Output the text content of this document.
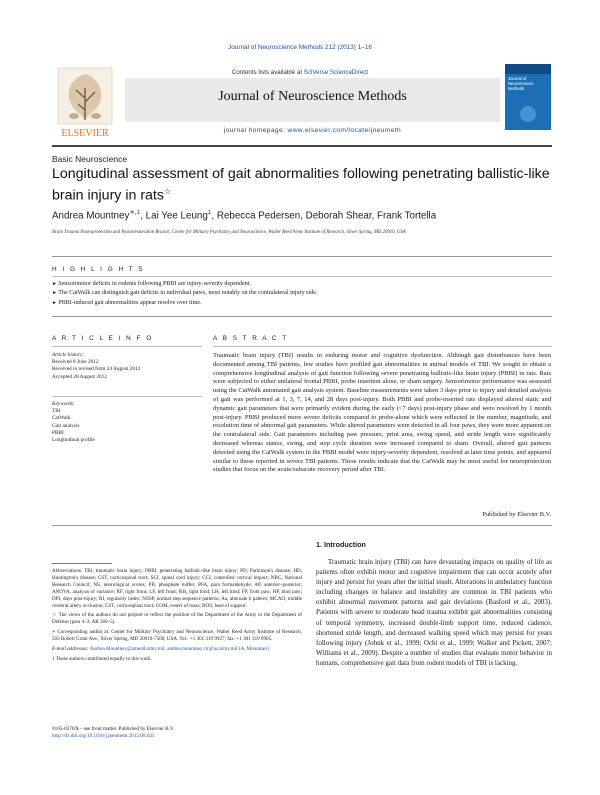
Journal of Neuroscience Methods 212 (2013) 1–16
ELSEVIER
Contents lists available at SciVerse ScienceDirect
Journal of Neuroscience Methods
journal homepage: www.elsevier.com/locate/jneumeth
Journal of Neuroscience Methods
Basic Neuroscience
Longitudinal assessment of gait abnormalities following penetrating ballistic-like brain injury in rats☆
Andrea Mountney$^{∗,1}$, Lai Yee Leung$^1$, Rebecca Pedersen, Deborah Shear, Frank Tortella
Brain Trauma Neuroprotection and Neurorestoration Branch, Center for Military Psychiatry and Neuroscience, Walter Reed Army Institute of Research, Silver Spring, MD 20910, USA
H I G H L I G H T S
► Sensorimotor deficits in rodents following PBBI are injury-severity dependent.
► The CatWalk can distinguish gait deficits in individual paws, most notably on the contralateral injury side.
► PBBI-induced gait abnormalities appear resolve over time.
A R T I C L E I N F O
Article history:
Received 8 June 2012
Received in revised form 24 August 2012
Accepted 28 August 2012
Keywords:
TBI
CatWalk
Gait analysis
PBBI
Longitudinal profile
A B S T R A C T
Traumatic brain injury (TBI) results in enduring motor and cognitive dysfunction. Although gait disturbances have been documented among TBI patients, few studies have profiled gait abnormalities in animal models of TBI. We sought to obtain a comprehensive longitudinal analysis of gait function following severe penetrating ballistic-like brain injury (PBBI) in rats. Rats were subjected to either unilateral frontal PBBI, probe insertion alone, or sham surgery. Sensorimotor performance was assessed using the CatWalk automated gait analysis system. Baseline measurements were taken 3 days prior to injury and detailed analysis of gait was performed at 1, 3, 7, 14, and 28 days post-injury. Both PBBI and probe-inserted rats displayed altered static and dynamic gait parameters that were primarily evident during the early (<7 days) post-injury phase and were resolved by 1 month post-injury. PBBI produced more severe deficits compared to probe-alone which were reflected in the number, magnitude, and resolution time of abnormal gait parameters. While altered parameters were detected in all four paws, they were more apparent on the contralateral side. Gait parameters including paw pressure, print area, swing speed, and stride length were significantly decreased whereas stance, swing, and step cycle duration were increased compared to sham. Overall, altered gait patterns detected using the CatWalk system in the PBBI model were injury-severity dependent, resolved at later time points, and appeared similar to those reported in severe TBI patients. These results indicate that the CatWalk may be most useful for neuroprotection studies that focus on the acute/subacute recovery period after TBI.
Published by Elsevier B.V.
1. Introduction
Traumatic brain injury (TBI) can have devastating impacts on quality of life as patients often exhibit motor and cognitive impairment that can occur acutely after injury and persist for years after the initial insult. Alterations in ambulatory function including changes in balance and instability are common in TBI patients who exhibit abnormal movement patterns and gait deviations (Basford et al., 2003). Patients with severe to moderate head trauma exhibit gait abnormalities consisting of temporal symmetry, increased double-limb support time, reduced cadence, shortened stride length, and decreased walking speed which may persist for years following injury (Johnk et al., 1999; Ochi et al., 1999; Walker and Pickett, 2007; Williams et al., 2009). Despite a number of studies that evaluate motor behavior in humans, comprehensive gait data from rodent models of TBI is lacking.

Abbreviations: TBI, traumatic brain injury; PBBI, penetrating ballistic-like brain injury; PD, Parkinson's disease; HD, Huntington's disease; CST, corticospinal tract; SCI, spinal cord injury; CCI, controlled cortical impact; NRC, National Research Council; NS, neurological scores; PB, phosphate buffer; PFA, para formaldehyde; AP, anterior–posterior; ANOVA, analysis of variance; RF, right front; LF, left front; RH, right hind; LH, left hind; FP, front paw; HP, hind paw; DPI, days post-injury; RI, regularity index; NSSP, normal step sequence patterns; Aa, alternate b pattern; MCAO, middle cerebral artery occlusion; CST, corticospinal tract; COM, center of mass; BOS, base of support.

☆ The views of the authors do not purport or reflect the position of the Department of the Army or the Department of Defense (para 4–3, AR 360–5).

∗ Corresponding author at: Center for Military Psychiatry and Neuroscience, Walter Reed Army Institute of Research, 503 Robert Grant Ave., Silver Spring, MD 20910-7500, USA. Tel.: +1 301 319 9927; fax: +1 301 319 9905.

E-mail addresses: Andrea.Mountney@amedd.army.mil, andrea.mountney.ctr@us.army.mil (A. Mountney).

1 These authors contributed equally to this work.

0165-0270/$ – see front matter. Published by Elsevier B.V.
http://dx.doi.org/10.1016/j.jneumeth.2012.08.025
